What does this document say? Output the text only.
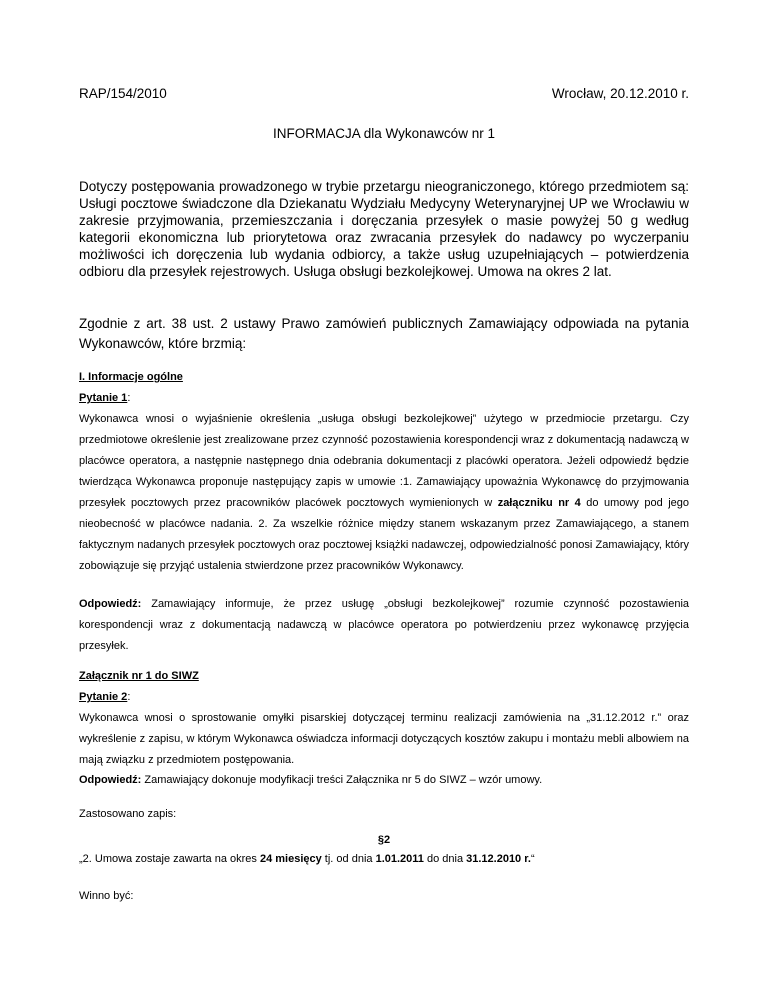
RAP/154/2010	Wrocław, 20.12.2010 r.
INFORMACJA dla Wykonawców nr 1
Dotyczy postępowania prowadzonego w trybie przetargu nieograniczonego, którego przedmiotem są: Usługi pocztowe świadczone dla Dziekanatu Wydziału Medycyny Weterynaryjnej UP we Wrocławiu w zakresie przyjmowania, przemieszczania i doręczania przesyłek o masie powyżej 50 g według kategorii ekonomiczna lub priorytetowa oraz zwracania przesyłek do nadawcy po wyczerpaniu możliwości ich doręczenia lub wydania odbiorcy, a także usług uzupełniających – potwierdzenia odbioru dla przesyłek rejestrowych. Usługa obsługi bezkolejkowej. Umowa na okres 2 lat.
Zgodnie z art. 38 ust. 2 ustawy Prawo zamówień publicznych Zamawiający odpowiada na pytania Wykonawców, które brzmią:
I. Informacje ogólne
Pytanie 1:
Wykonawca wnosi o wyjaśnienie określenia „usługa obsługi bezkolejkowej” użytego w przedmiocie przetargu. Czy przedmiotowe określenie jest zrealizowane przez czynność pozostawienia korespondencji wraz z dokumentacją nadawczą w placówce operatora, a następnie następnego dnia odebrania dokumentacji z placówki operatora. Jeżeli odpowiedź będzie twierdząca Wykonawca proponuje następujący zapis w umowie :1. Zamawiający upoważnia Wykonawcę do przyjmowania przesyłek pocztowych przez pracowników placówek pocztowych wymienionych w załączniku nr 4 do umowy pod jego nieobecność w placówce nadania. 2. Za wszelkie różnice między stanem wskazanym przez Zamawiającego, a stanem faktycznym nadanych przesyłek pocztowych oraz pocztowej książki nadawczej, odpowiedzialność ponosi Zamawiający, który zobowiązuje się przyjąć ustalenia stwierdzone przez pracowników Wykonawcy.
Odpowiedź: Zamawiający informuje, że przez usługę „obsługi bezkolejkowej” rozumie czynność pozostawienia korespondencji wraz z dokumentacją nadawczą w placówce operatora po potwierdzeniu przez wykonawcę przyjęcia przesyłek.
Załącznik nr 1 do SIWZ
Pytanie 2:
Wykonawca wnosi o sprostowanie omyłki pisarskiej dotyczącej terminu realizacji zamówienia na „31.12.2012 r.” oraz wykreślenie z zapisu, w którym Wykonawca oświadcza informacji dotyczących kosztów zakupu i montażu mebli albowiem na mają związku z przedmiotem postępowania.
Odpowiedź: Zamawiający dokonuje modyfikacji treści Załącznika nr 5 do SIWZ – wzór umowy.
Zastosowano zapis:
§2
„2. Umowa zostaje zawarta na okres 24 miesięcy tj. od dnia 1.01.2011 do dnia 31.12.2010 r.“
Winno być:
